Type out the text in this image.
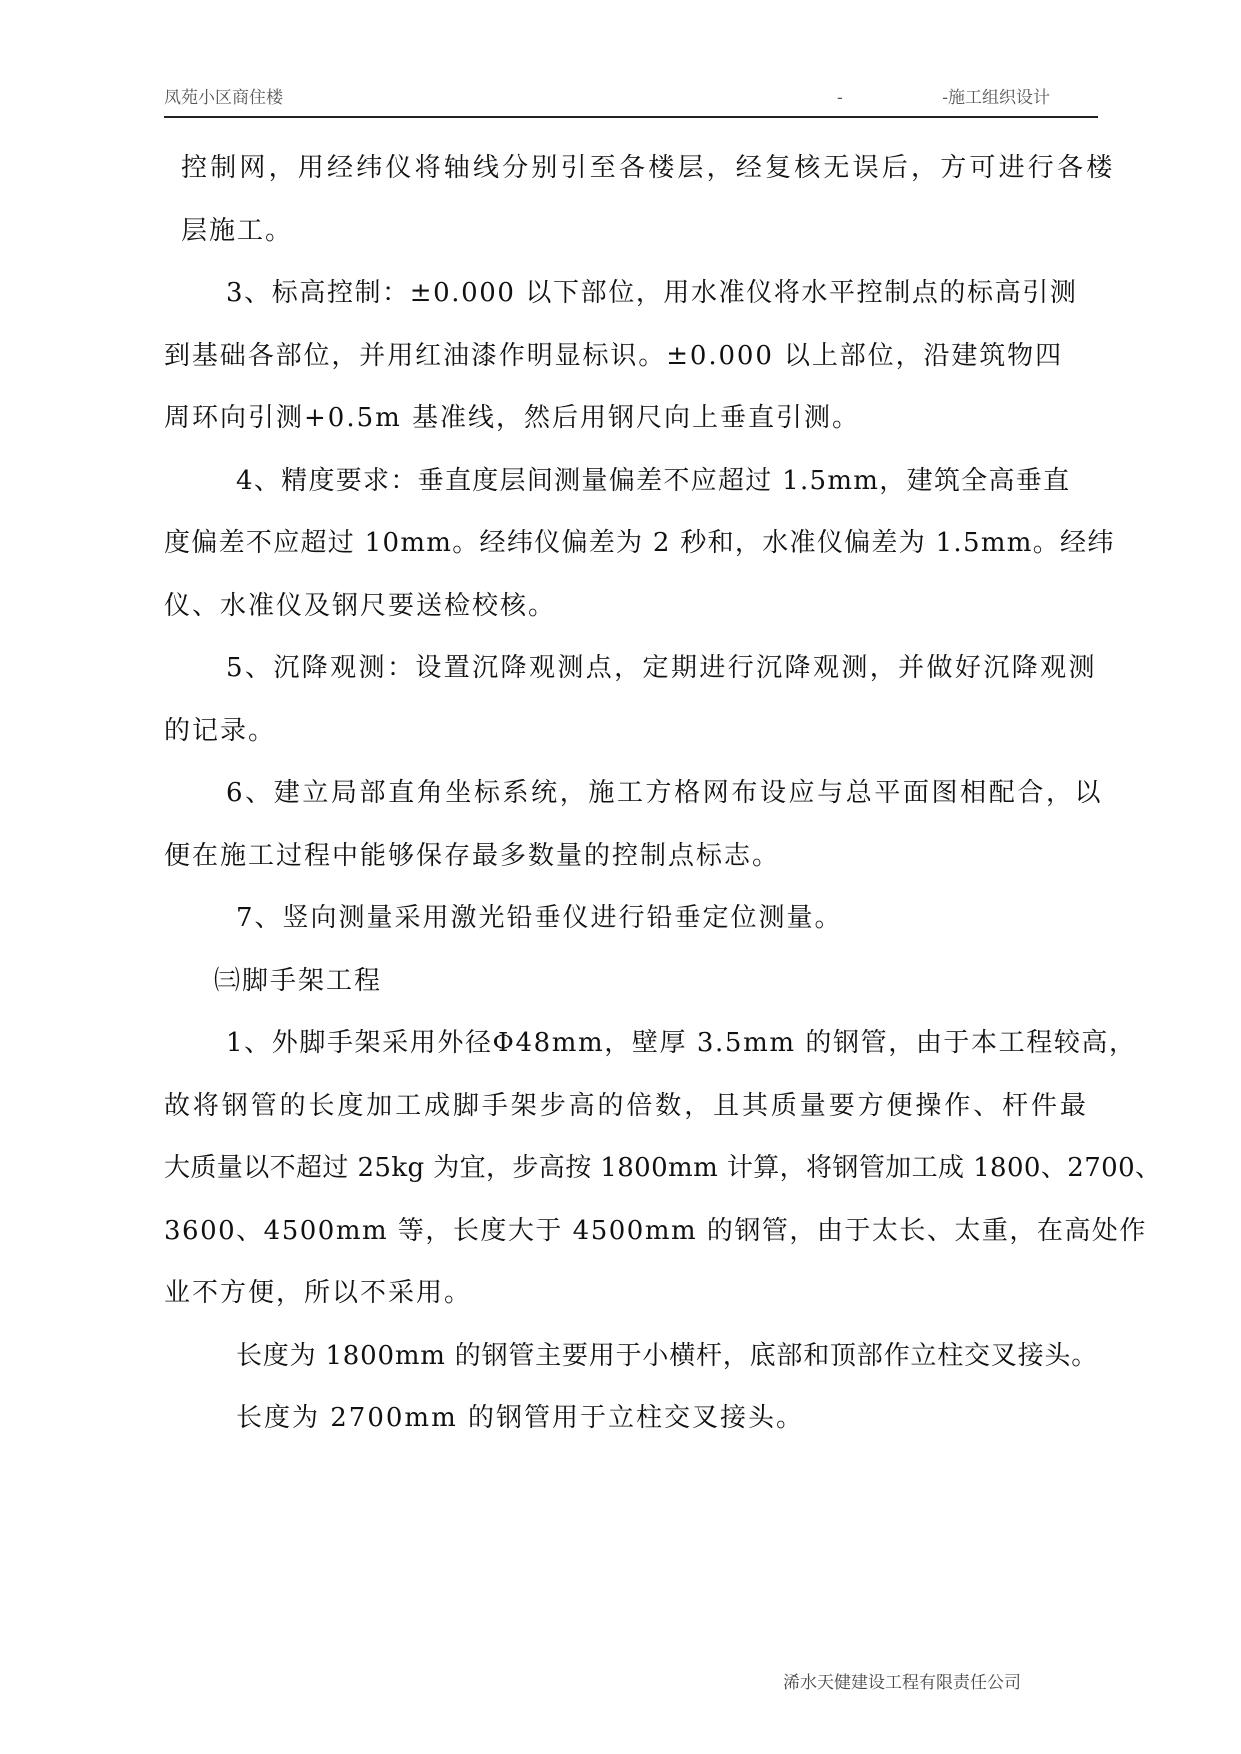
凤苑小区商住楼	-	-施工组织设计
控制网，用经纬仪将轴线分别引至各楼层，经复核无误后，方可进行各楼
层施工。
3、标高控制：±0.000 以下部位，用水准仪将水平控制点的标高引测
到基础各部位，并用红油漆作明显标识。±0.000 以上部位，沿建筑物四
周环向引测+0.5m 基准线，然后用钢尺向上垂直引测。
4、精度要求：垂直度层间测量偏差不应超过 1.5mm，建筑全高垂直
度偏差不应超过 10mm。经纬仪偏差为 2 秒和，水准仪偏差为 1.5mm。经纬
仪、水准仪及钢尺要送检校核。
5、沉降观测：设置沉降观测点，定期进行沉降观测，并做好沉降观测
的记录。
6、建立局部直角坐标系统，施工方格网布设应与总平面图相配合，以
便在施工过程中能够保存最多数量的控制点标志。
7、竖向测量采用激光铅垂仪进行铅垂定位测量。
㈢脚手架工程
1、外脚手架采用外径Φ48mm，壁厚 3.5mm 的钢管，由于本工程较高，
故将钢管的长度加工成脚手架步高的倍数，且其质量要方便操作、杆件最
大质量以不超过 25kg 为宜，步高按 1800mm 计算，将钢管加工成 1800、2700、
3600、4500mm 等，长度大于 4500mm 的钢管，由于太长、太重，在高处作
业不方便，所以不采用。
长度为 1800mm 的钢管主要用于小横杆，底部和顶部作立柱交叉接头。
长度为 2700mm 的钢管用于立柱交叉接头。
浠水天健建设工程有限责任公司
